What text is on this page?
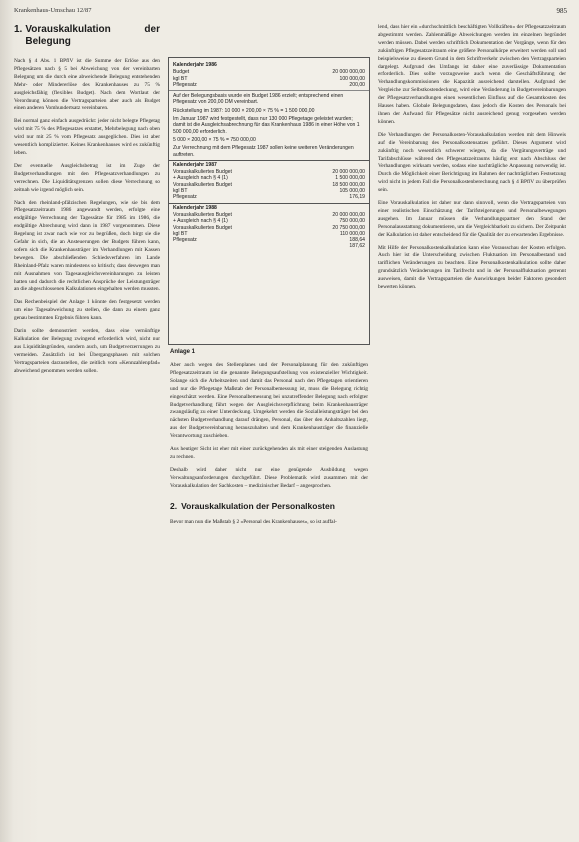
Krankenhaus-Umschau 12/87	985
1. Vorauskalkulation der Belegung

Nach § 4 Abs. 1 BPflV ist die Summe der Erlöse aus den Pflegesätzen nach § 5 bei Abweichung von der vereinbarten Belegung um die durch eine abweichende Belegung entstehenden Mehr- oder Mindererlöse des Krankenhauses zu 75 % ausgleichsfähig (flexibles Budget). Nach dem Wortlaut der Verordnung können die Vertragsparteien aber auch als Budget einen anderen Vomhundertsatz vereinbaren.

Bei normal ganz einfach ausgedrückt: jeder nicht belegte Pflegetag wird mit 75 % des Pflegesatzes erstattet, Mehrbelegung nach oben wird nur mit 25 % vom Pflegesatz ausgeglichen. Dies ist aber wesentlich komplizierter. Keines Krankenhauses wird es zukünftig leben.

Der eventuelle Ausgleichsbetrag ist im Zuge der Budgetverhandlungen mit den Pflegesatzverhandlungen zu verrechnen. Die Liquiditätsgrenzen sollen diese Verrechnung so zeitnah wie irgend möglich sein.

Nach den rheinland-pfälzischen Regelungen, wie sie bis dem Pflegesatzzeitraum 1986 angewandt werden, erfolgte eine endgültige Verrechnung der Tagessätze für 1985 im 1986, die endgültige Abrechnung wird dann in 1987 vorgenommen. Diese Regelung ist zwar nach wie vor zu begrüßen, doch birgt sie die Gefahr in sich, die an Ansteuerungen der Budgets führen kann, sofern sich die Krankenhausträger im Verhandlungen mit Kassen bewegen. Die abschließenden Schiedsverfahren im Lande Rheinland-Pfalz waren mindestens so kritisch; dass deswegen man mit Ausnahmen von Tagesausgleichsvereinbarungen zu leisten hatten und dadurch die rechtlichen Ansprüche der Leistungsträger an die abgeschlossenen Kalkulationen eingehalten werden mussten.

Das Rechenbeispiel der Anlage 1 könnte den festgesetzt werden um eine Tagesabweichung zu stellen, die dann zu einem ganz genau bestimmten Ergebnis führen kann.

Darin sollte demonstriert werden, dass eine vernünftige Kalkulation der Belegung zwingend erforderlich wird, nicht nur aus Liquiditätsgründen, sondern auch, um Budgetverzerrungen zu vermeiden. Zusätzlich ist bei Übergangsphasen mit solchen Vertragsparteien darzustellen, die zeitlich vom »Kennzahlenpfad« abweichend genommen werden sollen.

Kalenderjahr 1986
Budget	20 000 000,00
kgl BT	100 000,00
Pflegesatz	200,00
Auf der Belegungsbasis wurde ein Budget 1986 erzielt; entsprechend einen Pflegesatz von 200,00 DM vereinbart.
Rückstellung im 1987: 10 000 × 200,00 × 75 % = 1 500 000,00
Im Januar 1987 wird festgestellt, dass nur 130 000 Pflegetage geleistet wurden; damit ist die Ausgleichsabrechnung für das Krankenhaus 1986 in einer Höhe von 1 500 000,00 erforderlich.
5 000 × 200,00 × 75 % = 750 000,00
Zur Verrechnung mit dem Pflegesatz 1987 sollen keine weiteren Veränderungen auftreten.
Kalenderjahr 1987
Vorauskalkuliertes Budget	20 000 000,00
+ Ausgleich nach § 4 (1)	1 500 000,00
Vorauskalkuliertes Budget	18 500 000,00
kgl BT	105 000,00
Pflegesatz	176,19
Kalenderjahr 1988
Vorauskalkuliertes Budget	20 000 000,00
+ Ausgleich nach § 4 (1)	750 000,00
Vorauskalkuliertes Budget	20 750 000,00
kgl BT	110 000,00
Pflegesatz	188,64
187,62
Anlage 1

Aber auch wegen des Stellenplanes und der Personalplanung für den zukünftigen Pflegesatzzeitraum ist die genannte Belegungsaufstellung von existenzieller Wichtigkeit. Solange sich die Arbeitszeiten und damit das Personal nach den Pflegetagen orientieren und nur die Pflegetage Maßstab der Personalbemessung ist, muss die Belegung richtig eingeschätzt werden. Eine Personalbemessung bei unzutreffender Belegung nach erfolgter Budgetverhandlung führt wegen der Ausgleichsverpflichtung beim Krankenhausträger zwangsläufig zu einer Unterdeckung. Umgekehrt werden die Sozialleistungsträger bei den nächsten Budgetverhandlung darauf drängen, Personal, das über den Anhaltszahlen liegt, aus der Budgetvereinbarung herauszuhalten und dem Krankenhausträger die finanzielle Verantwortung zuschieben.

Aus heutiger Sicht ist eher mit einer zurückgehenden als mit einer steigenden Auslastung zu rechnen.

Deshalb wird daher nicht nur eine genügende Ausbildung wegen Verwaltungsanforderungen durchgeführt. Diese Problematik wird zusammen mit der Vorauskalkulation der Sachkosten – medizinischer Bedarf – angesprochen.

2. Vorauskalkulation der Personalkosten

Bevor man nun die Maßstab § 2 »Personal des Krankenhauses«, so ist auffal-

lend, dass hier ein »durchschnittlich beschäftigten Vollkräften« der Pflegesatzzeitraum abgestimmt werden. Zahlenmäßige Abweichungen werden im einzelnen begründet werden müssen. Dabei werden schriftlich Dokumentation der Vorgänge, wenn für den zukünftigen Pflegesatzzeitraum eine größere Personalkörpe erweitert werden soll und beispielsweise zu diesem Grund in dem Schriftverkehr zwischen den Vertragsparteien dargelegt. Aufgrund des Umfangs ist daher eine zuverlässige Dokumentation erforderlich. Dies sollte vorzugsweise auch wenn die Geschäftsführung der Verhandlungskommissionen die Kapazität ausreichend darstellen. Aufgrund der Vergleiche zur Selbstkostendeckung, wird eine Veränderung in Budgetvereinbarungen der Pflegesatzverhandlungen einen wesentlichen Einfluss auf die Gesamtkosten des Hauses haben. Globale Belegungsdaten, dass jedoch die Kosten des Personals bei ihnen der Aufwand für Pflegesätze nicht ausreichend genug vorgesehen werden können.

Die Verhandlungen der Personalkosten-Vorauskalkulation werden mit dem Hinweis auf die Vereinbarung des Personalkostensatzes geführt. Dieses Argument wird zukünftig noch wesentlich schwerer wiegen, da die Vergütungsverträge und Tarifabschlüsse während des Pflegesatzzeitraums häufig erst nach Abschluss der Verhandlungen wirksam werden, sodass eine nachträgliche Anpassung notwendig ist. Durch die Möglichkeit einer Berichtigung im Rahmen der nachträglichen Festsetzung wird nicht in jedem Fall die Personalkostenberechnung nach § 4 BPflV zu überprüfen sein.

Eine Vorauskalkulation ist daher nur dann sinnvoll, wenn die Vertragsparteien von einer realistischen Einschätzung der Tarifsteigerungen und Personalbewegungen ausgehen. Im Januar müssen die Verhandlungspartner den Stand der Personalausstattung dokumentieren, um die Vergleichbarkeit zu sichern. Der Zeitpunkt der Kalkulation ist daher entscheidend für die Qualität der zu erwartenden Ergebnisse.

Mit Hilfe der Personalkostenkalkulation kann eine Vorausschau der Kosten erfolgen. Auch hier ist die Unterscheidung zwischen Fluktuation im Personalbestand und tariflichen Veränderungen zu beachten. Eine Personalkostenkalkulation sollte daher grundsätzlich Veränderungen im Tarifrecht und in der Personalfluktuation getrennt ausweisen, damit die Vertragsparteien die Auswirkungen beider Faktoren gesondert bewerten können.
